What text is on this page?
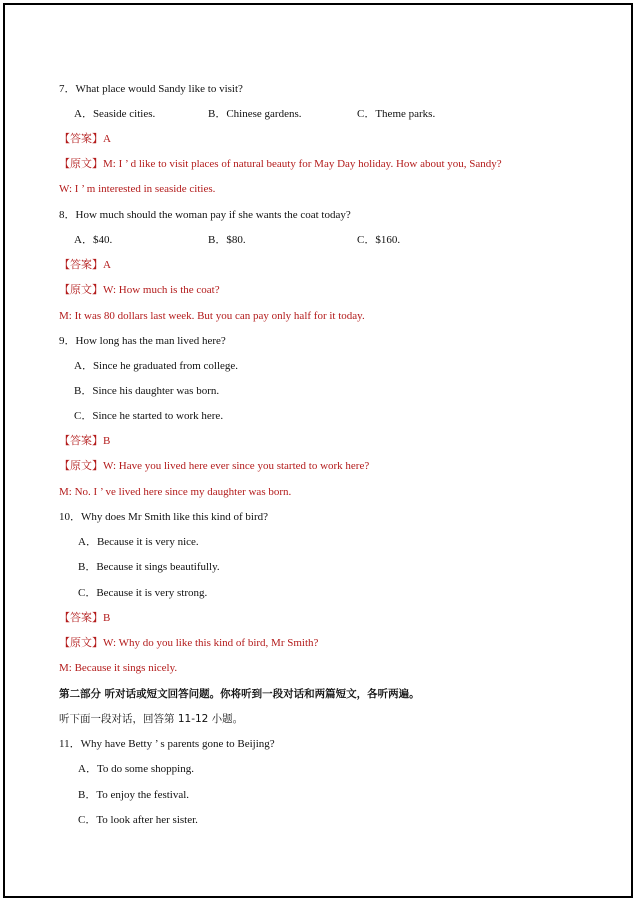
7．What place would Sandy like to visit?
A．Seaside cities.	B．Chinese gardens.	C．Theme parks.
【答案】A
【原文】M: I ’ d like to visit places of natural beauty for May Day holiday. How about you, Sandy?
W: I ’ m interested in seaside cities.
8．How much should the woman pay if she wants the coat today?
A．$40.	B．$80.	C．$160.
【答案】A
【原文】W: How much is the coat?
M: It was 80 dollars last week. But you can pay only half for it today.
9．How long has the man lived here?
A．Since he graduated from college.
B．Since his daughter was born.
C．Since he started to work here.
【答案】B
【原文】W: Have you lived here ever since you started to work here?
M: No. I ’ ve lived here since my daughter was born.
10．Why does Mr Smith like this kind of bird?
A．Because it is very nice.
B．Because it sings beautifully.
C．Because it is very strong.
【答案】B
【原文】W: Why do you like this kind of bird, Mr Smith?
M: Because it sings nicely.
第二部分 听对话或短文回答问题。你将听到一段对话和两篇短文，各听两遍。
听下面一段对话，回答第 11-12 小题。
11．Why have Betty ’ s parents gone to Beijing?
A．To do some shopping.
B．To enjoy the festival.
C．To look after her sister.
